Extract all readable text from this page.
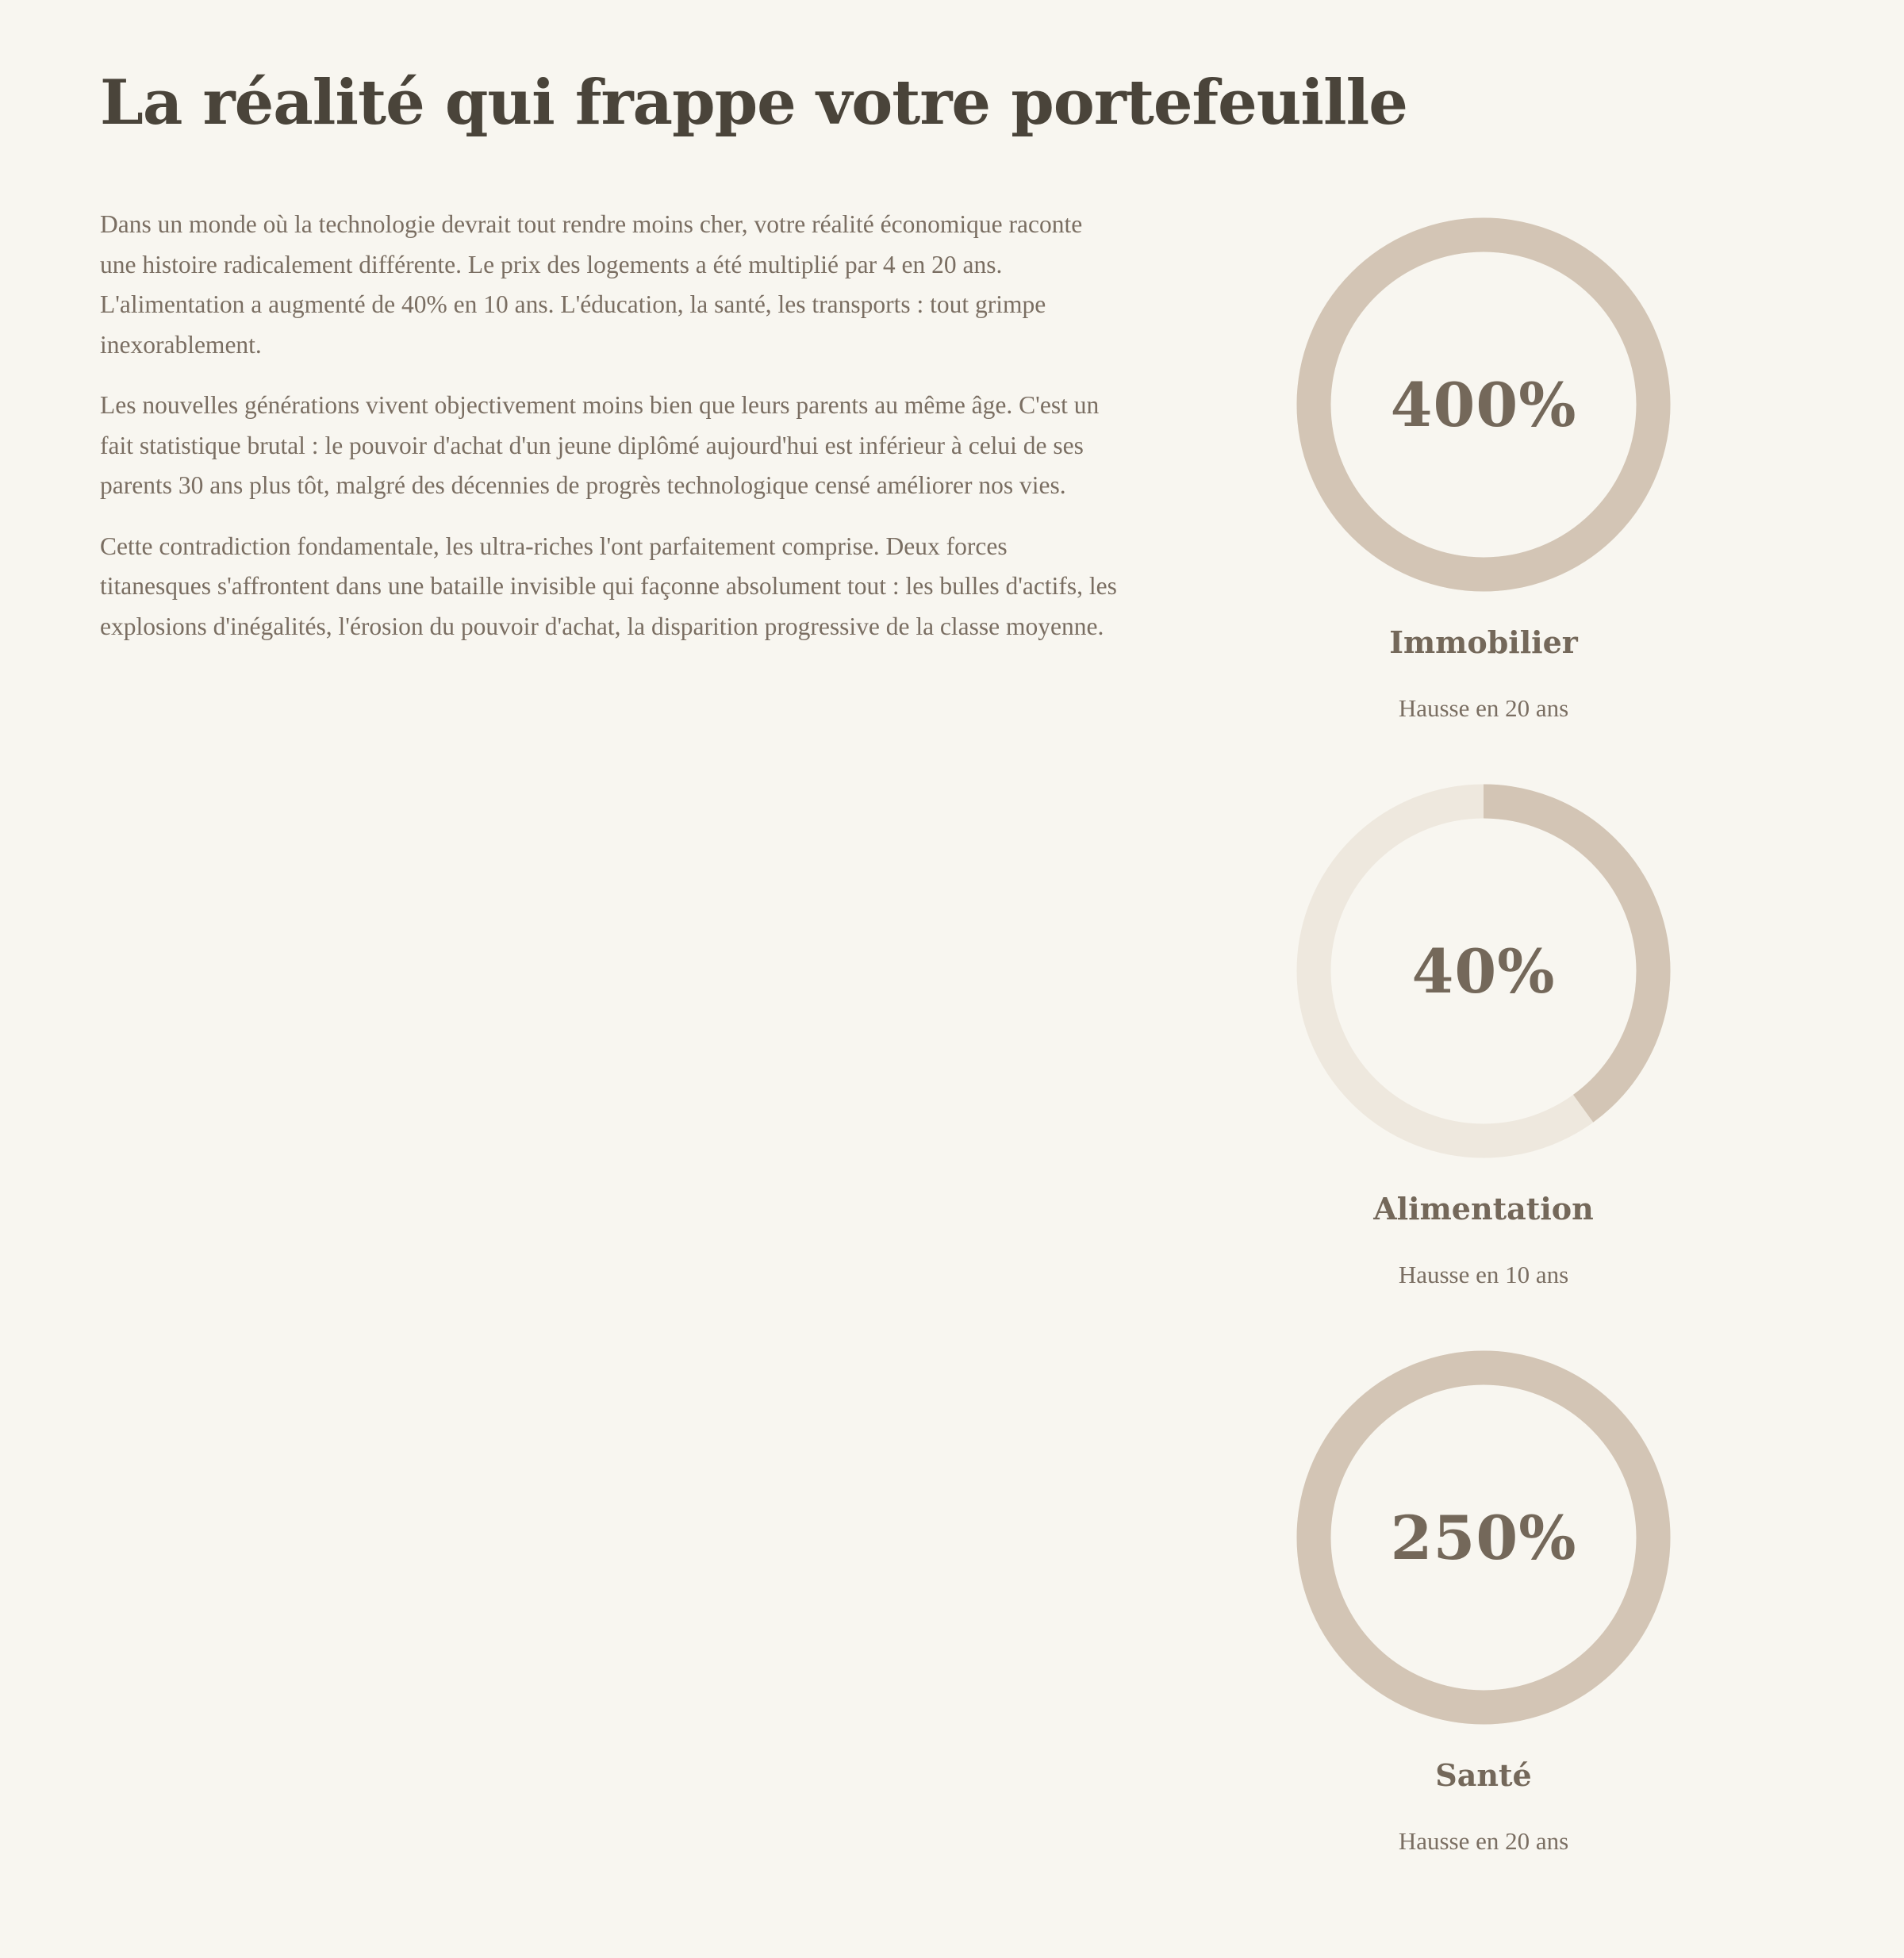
La réalité qui frappe votre portefeuille

Dans un monde où la technologie devrait tout rendre moins cher, votre réalité économique raconte une histoire radicalement différente. Le prix des logements a été multiplié par 4 en 20 ans. L'alimentation a augmenté de 40% en 10 ans. L'éducation, la santé, les transports : tout grimpe inexorablement.

Les nouvelles générations vivent objectivement moins bien que leurs parents au même âge. C'est un fait statistique brutal : le pouvoir d'achat d'un jeune diplômé aujourd'hui est inférieur à celui de ses parents 30 ans plus tôt, malgré des décennies de progrès technologique censé améliorer nos vies.

Cette contradiction fondamentale, les ultra-riches l'ont parfaitement comprise. Deux forces titanesques s'affrontent dans une bataille invisible qui façonne absolument tout : les bulles d'actifs, les explosions d'inégalités, l'érosion du pouvoir d'achat, la disparition progressive de la classe moyenne.

400%
Immobilier
Hausse en 20 ans
40%
Alimentation
Hausse en 10 ans
250%
Santé
Hausse en 20 ans
